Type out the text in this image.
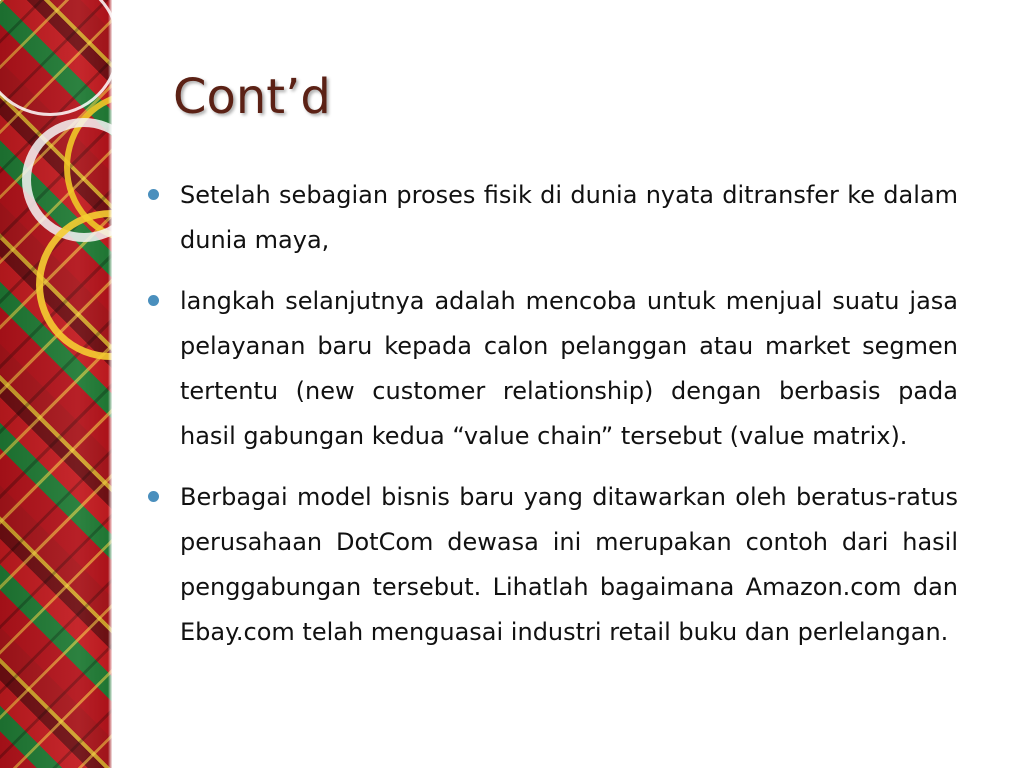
Cont’d
Setelah sebagian proses fisik di dunia nyata ditransfer ke dalam dunia maya,
langkah selanjutnya adalah mencoba untuk menjual suatu jasa pelayanan baru kepada calon pelanggan atau market segmen tertentu (new customer relationship) dengan berbasis pada hasil gabungan kedua “value chain” tersebut (value matrix).
Berbagai model bisnis baru yang ditawarkan oleh beratus-ratus perusahaan DotCom dewasa ini merupakan contoh dari hasil penggabungan tersebut. Lihatlah bagaimana Amazon.com dan Ebay.com telah menguasai industri retail buku dan perlelangan.
